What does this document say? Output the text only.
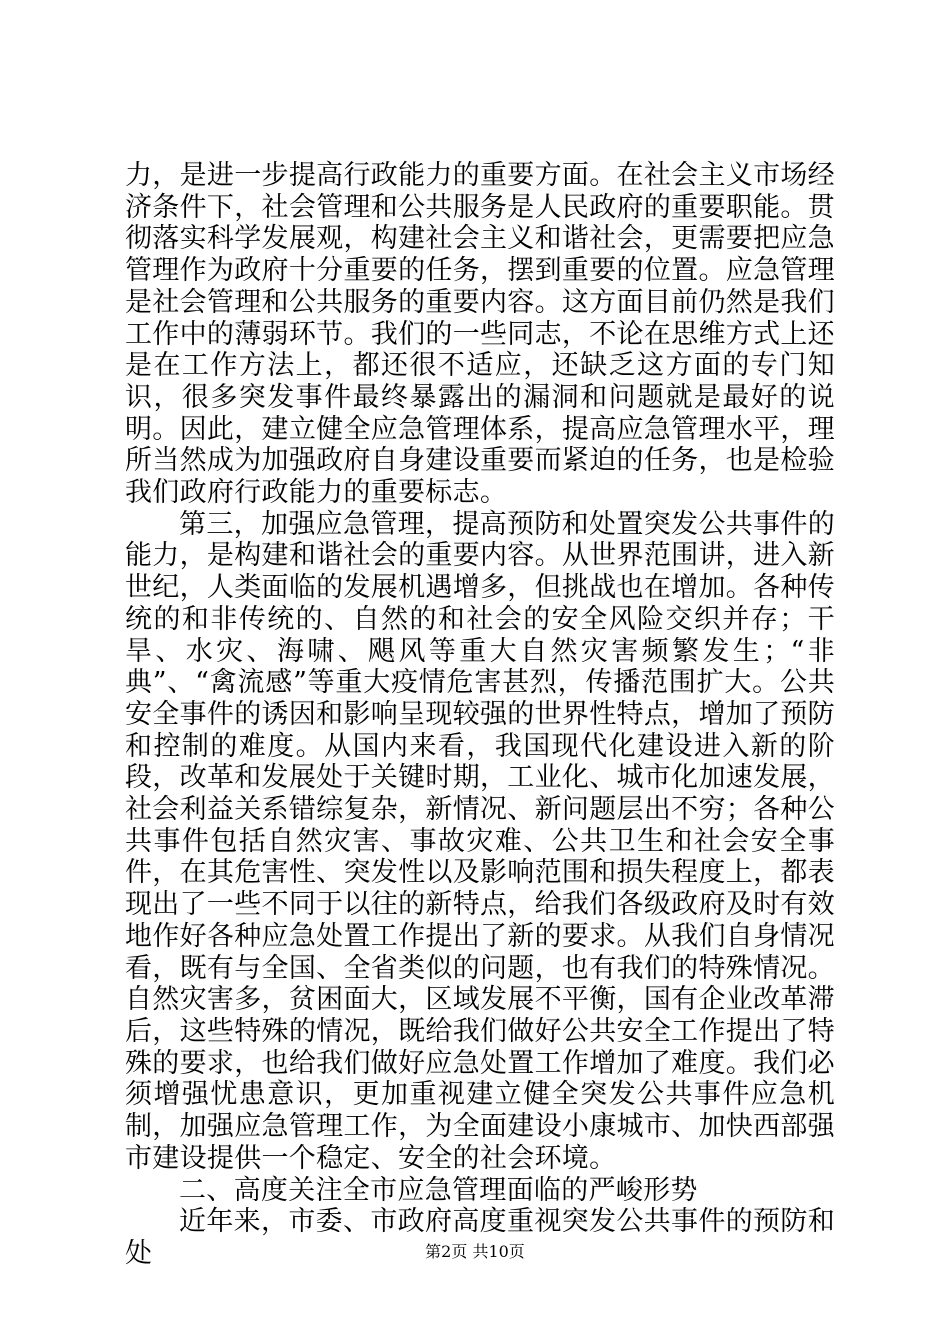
力，是进一步提高行政能力的重要方面。在社会主义市场经济条件下，社会管理和公共服务是人民政府的重要职能。贯彻落实科学发展观，构建社会主义和谐社会，更需要把应急管理作为政府十分重要的任务，摆到重要的位置。应急管理是社会管理和公共服务的重要内容。这方面目前仍然是我们工作中的薄弱环节。我们的一些同志，不论在思维方式上还是在工作方法上，都还很不适应，还缺乏这方面的专门知识，很多突发事件最终暴露出的漏洞和问题就是最好的说明。因此，建立健全应急管理体系，提高应急管理水平，理所当然成为加强政府自身建设重要而紧迫的任务，也是检验我们政府行政能力的重要标志。

第三，加强应急管理，提高预防和处置突发公共事件的能力，是构建和谐社会的重要内容。从世界范围讲，进入新世纪，人类面临的发展机遇增多，但挑战也在增加。各种传统的和非传统的、自然的和社会的安全风险交织并存；干旱、水灾、海啸、飓风等重大自然灾害频繁发生；“非典”、“禽流感”等重大疫情危害甚烈，传播范围扩大。公共安全事件的诱因和影响呈现较强的世界性特点，增加了预防和控制的难度。从国内来看，我国现代化建设进入新的阶段，改革和发展处于关键时期，工业化、城市化加速发展，社会利益关系错综复杂，新情况、新问题层出不穷；各种公共事件包括自然灾害、事故灾难、公共卫生和社会安全事件，在其危害性、突发性以及影响范围和损失程度上，都表现出了一些不同于以往的新特点，给我们各级政府及时有效地作好各种应急处置工作提出了新的要求。从我们自身情况看，既有与全国、全省类似的问题，也有我们的特殊情况。自然灾害多，贫困面大，区域发展不平衡，国有企业改革滞后，这些特殊的情况，既给我们做好公共安全工作提出了特殊的要求，也给我们做好应急处置工作增加了难度。我们必须增强忧患意识，更加重视建立健全突发公共事件应急机制，加强应急管理工作，为全面建设小康城市、加快西部强市建设提供一个稳定、安全的社会环境。

二、高度关注全市应急管理面临的严峻形势

近年来，市委、市政府高度重视突发公共事件的预防和处	第2页 共10页
